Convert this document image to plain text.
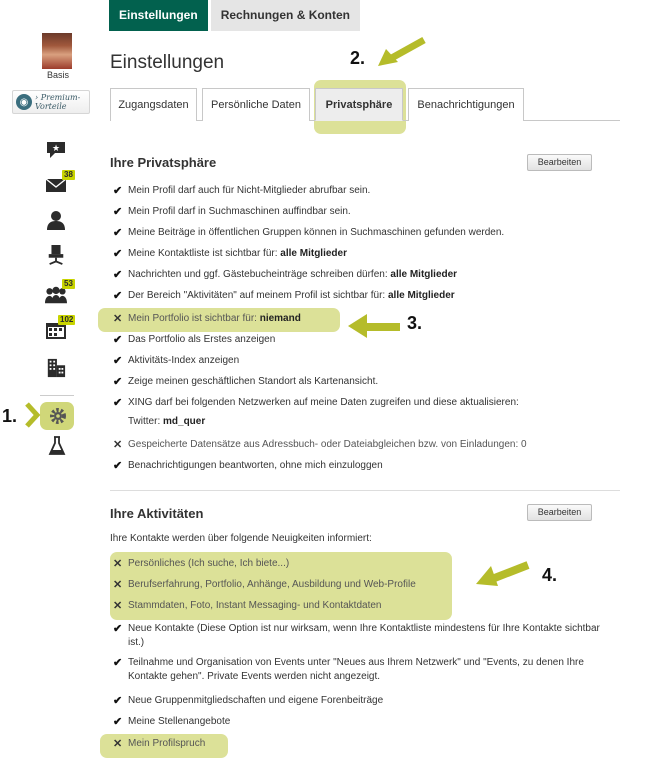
Basis
◉ › Premium-
Vorteile
★
38
53
102
1.
Einstellungen	Rechnungen & Konten
Einstellungen	2.
Zugangsdaten	Persönliche Daten	Privatsphäre	Benachrichtigungen
Ihre Privatsphäre	Bearbeiten
✔ Mein Profil darf auch für Nicht-Mitglieder abrufbar sein.
✔ Mein Profil darf in Suchmaschinen auffindbar sein.
✔ Meine Beiträge in öffentlichen Gruppen können in Suchmaschinen gefunden werden.
✔ Meine Kontaktliste ist sichtbar für: alle Mitglieder
✔ Nachrichten und ggf. Gästebucheinträge schreiben dürfen: alle Mitglieder
✔ Der Bereich "Aktivitäten" auf meinem Profil ist sichtbar für: alle Mitglieder
✕ Mein Portfolio ist sichtbar für: niemand
✔ Das Portfolio als Erstes anzeigen
✔ Aktivitäts-Index anzeigen
✔ Zeige meinen geschäftlichen Standort als Kartenansicht.
✔ XING darf bei folgenden Netzwerken auf meine Daten zugreifen und diese aktualisieren:
Twitter: md_quer
✕ Gespeicherte Datensätze aus Adressbuch- oder Dateiabgleichen bzw. von Einladungen: 0
✔ Benachrichtigungen beantworten, ohne mich einzuloggen
3.
Ihre Aktivitäten	Bearbeiten
Ihre Kontakte werden über folgende Neuigkeiten informiert:
✕ Persönliches (Ich suche, Ich biete...)
✕ Berufserfahrung, Portfolio, Anhänge, Ausbildung und Web-Profile
✕ Stammdaten, Foto, Instant Messaging- und Kontaktdaten
✔ Neue Kontakte (Diese Option ist nur wirksam, wenn Ihre Kontaktliste mindestens für Ihre Kontakte sichtbar ist.)
✔ Teilnahme und Organisation von Events unter "Neues aus Ihrem Netzwerk" und "Events, zu denen Ihre Kontakte gehen". Private Events werden nicht angezeigt.
✔ Neue Gruppenmitgliedschaften und eigene Forenbeiträge
✔ Meine Stellenangebote
✕ Mein Profilspruch
4.
